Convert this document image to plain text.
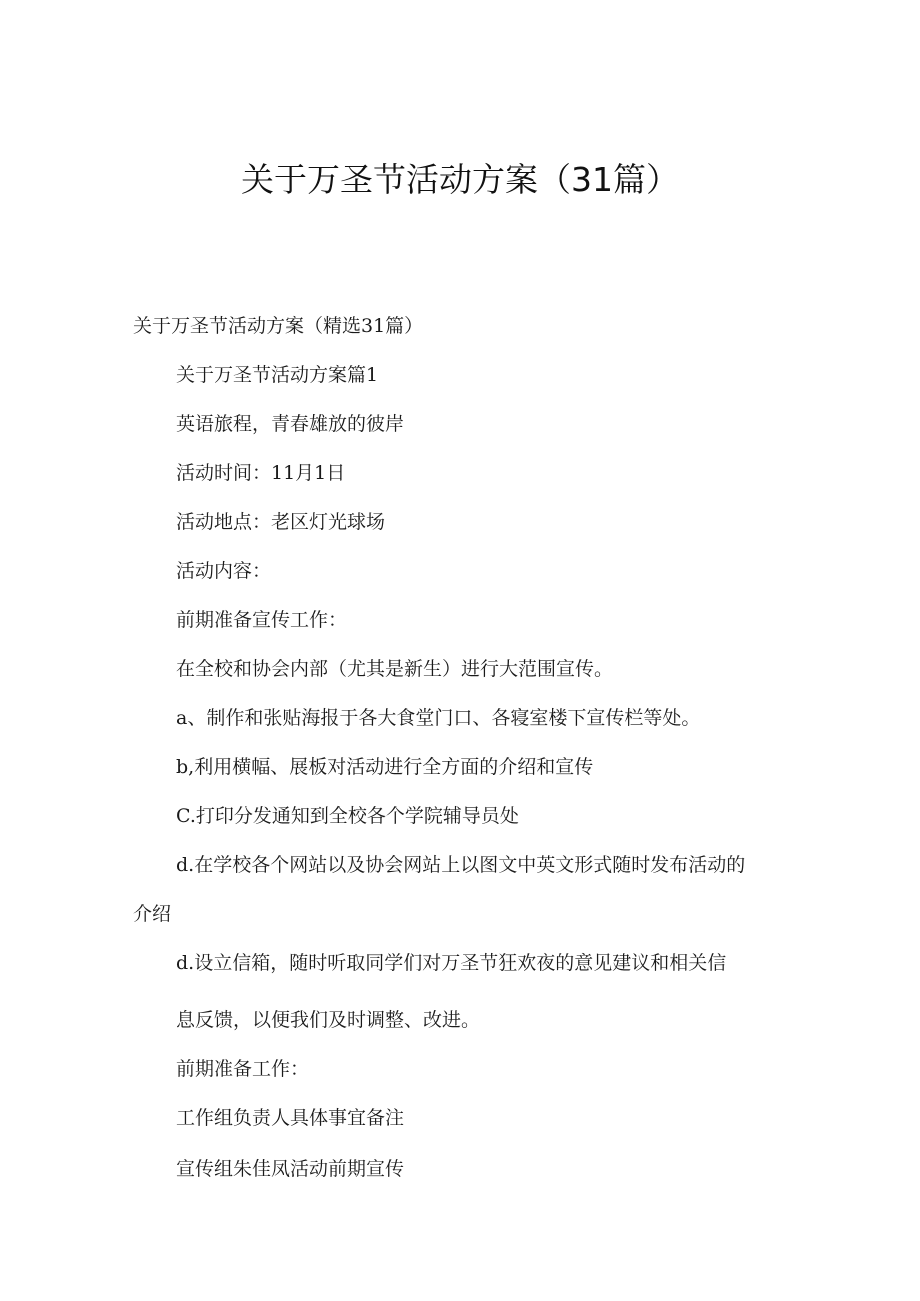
关于万圣节活动方案（31篇）
关于万圣节活动方案（精选31篇）
关于万圣节活动方案篇1
英语旅程，青春雄放的彼岸
活动时间：11月1日
活动地点：老区灯光球场
活动内容：
前期准备宣传工作：
在全校和协会内部（尤其是新生）进行大范围宣传。
a、制作和张贴海报于各大食堂门口、各寝室楼下宣传栏等处。
b,利用横幅、展板对活动进行全方面的介绍和宣传
C.打印分发通知到全校各个学院辅导员处
d.在学校各个网站以及协会网站上以图文中英文形式随时发布活动的
介绍
d.设立信箱，随时听取同学们对万圣节狂欢夜的意见建议和相关信
息反馈，以便我们及时调整、改进。
前期准备工作：
工作组负责人具体事宜备注
宣传组朱佳凤活动前期宣传
